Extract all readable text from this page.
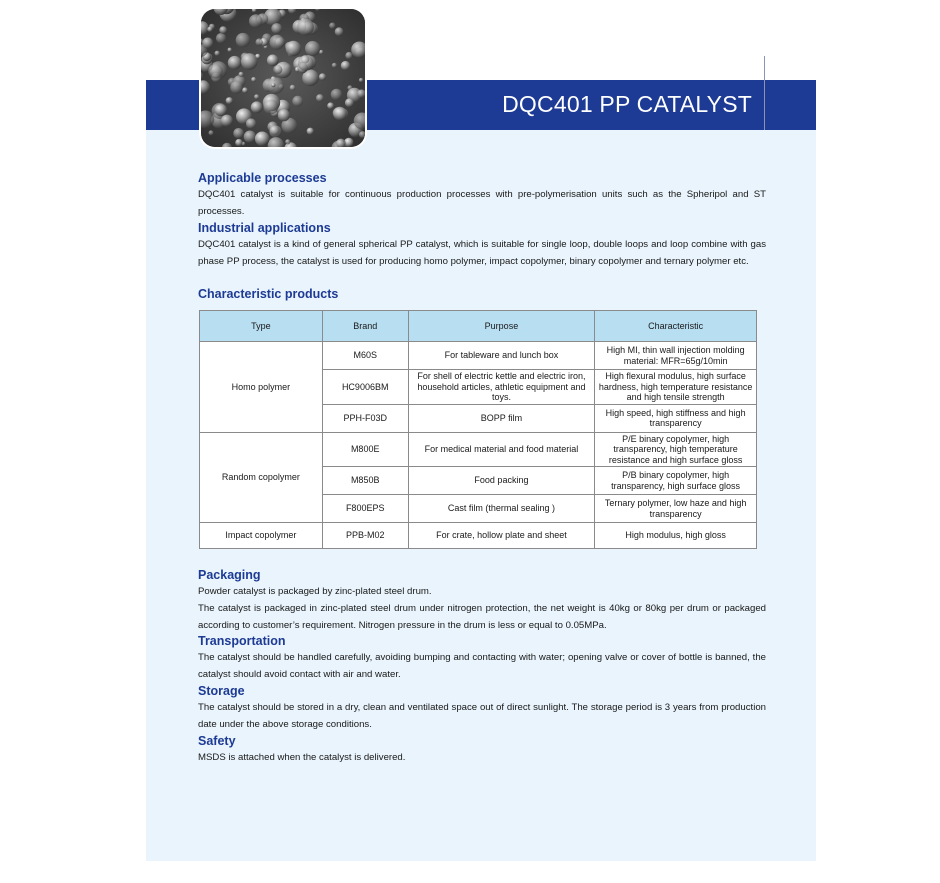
DQC401 PP CATALYST
Applicable processes

DQC401 catalyst is suitable for continuous production processes with pre-polymerisation units such as the Spheripol and ST processes.

Industrial applications

DQC401 catalyst is a kind of general spherical PP catalyst, which is suitable for single loop, double loops and loop combine with gas phase PP process, the catalyst is used for producing homo polymer, impact copolymer, binary copolymer and ternary polymer etc.

Characteristic products
Type	Brand	Purpose	Characteristic
Homo polymer	M60S	For tableware and lunch box	High MI, thin wall injection molding material: MFR=65g/10min
	HC9006BM	For shell of electric kettle and electric iron, household articles, athletic equipment and toys.	High flexural modulus, high surface hardness, high temperature resistance and high tensile strength
	PPH-F03D	BOPP film	High speed, high stiffness and high transparency
Random copolymer	M800E	For medical material and food material	P/E binary copolymer, high transparency, high temperature resistance and high surface gloss
	M850B	Food packing	P/B binary copolymer, high transparency, high surface gloss
	F800EPS	Cast film (thermal sealing )	Ternary polymer, low haze and high transparency
Impact copolymer	PPB-M02	For crate, hollow plate and sheet	High modulus, high gloss
Packaging

Powder catalyst is packaged by zinc-plated steel drum.

The catalyst is packaged in zinc-plated steel drum under nitrogen protection, the net weight is 40kg or 80kg per drum or packaged according to customer’s requirement. Nitrogen pressure in the drum is less or equal to 0.05MPa.

Transportation

The catalyst should be handled carefully, avoiding bumping and contacting with water; opening valve or cover of bottle is banned, the catalyst should avoid contact with air and water.

Storage

The catalyst should be stored in a dry, clean and ventilated space out of direct sunlight. The storage period is 3 years from production date under the above storage conditions.

Safety

MSDS is attached when the catalyst is delivered.
